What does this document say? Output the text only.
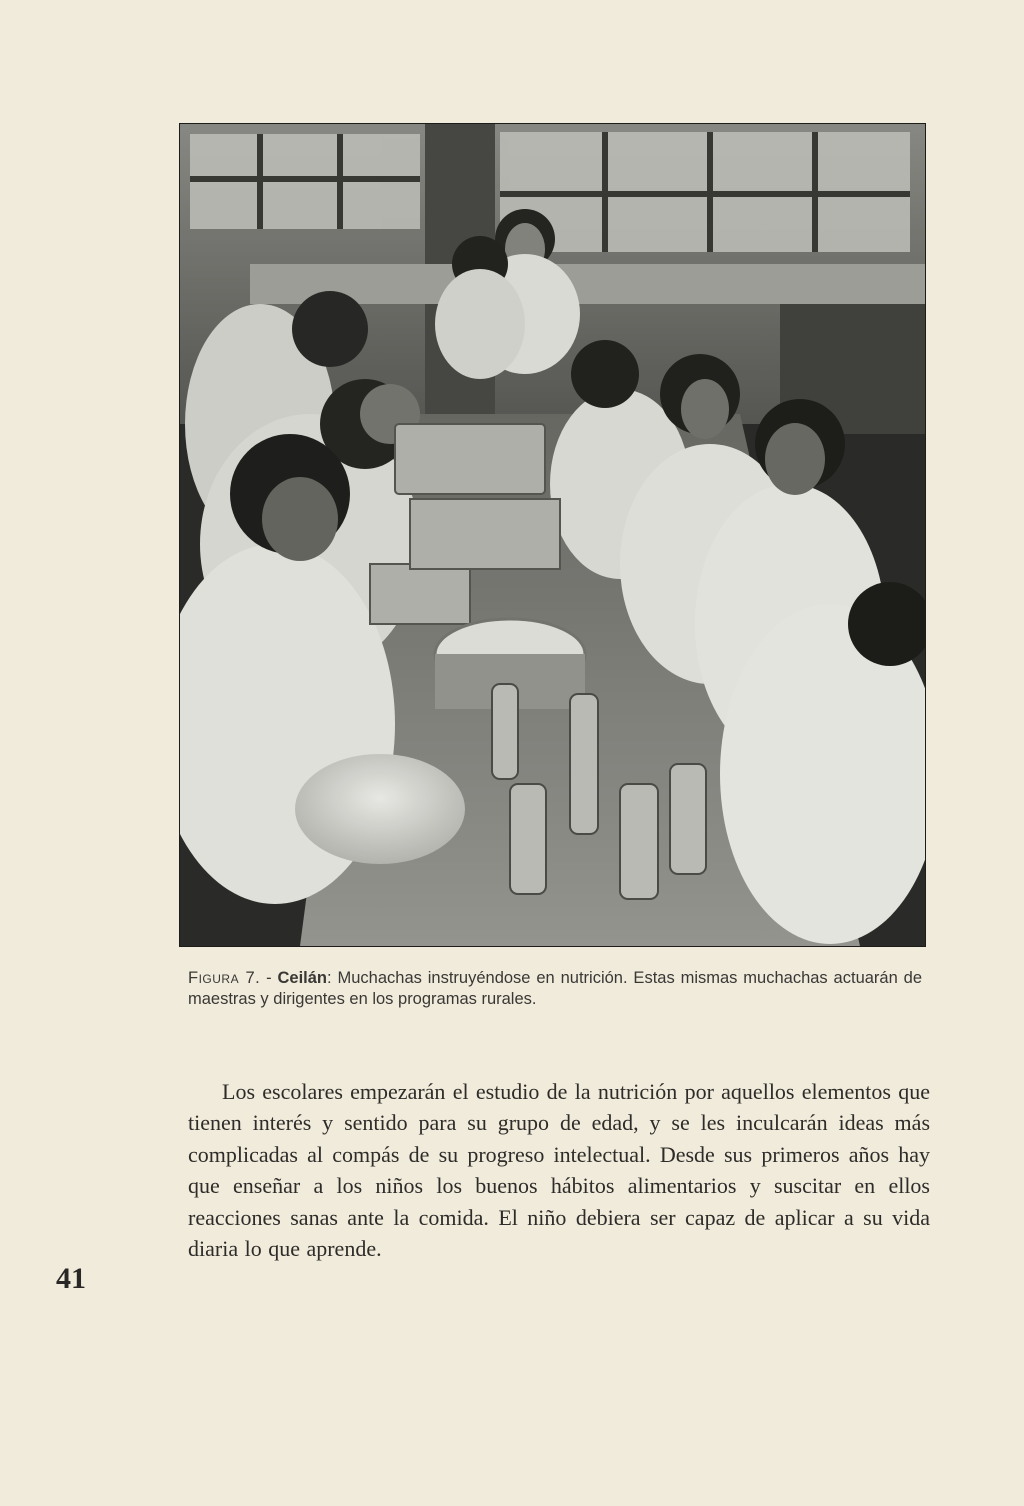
Figura 7. - Ceilán: Muchachas instruyéndose en nutrición. Estas mismas muchachas actuarán de maestras y dirigentes en los programas rurales.

Los escolares empezarán el estudio de la nutrición por aquellos elementos que tienen interés y sentido para su grupo de edad, y se les inculcarán ideas más complicadas al compás de su progreso intelectual. Desde sus primeros años hay que enseñar a los niños los buenos hábitos alimentarios y suscitar en ellos reacciones sanas ante la comida. El niño debiera ser capaz de aplicar a su vida diaria lo que aprende.

41
